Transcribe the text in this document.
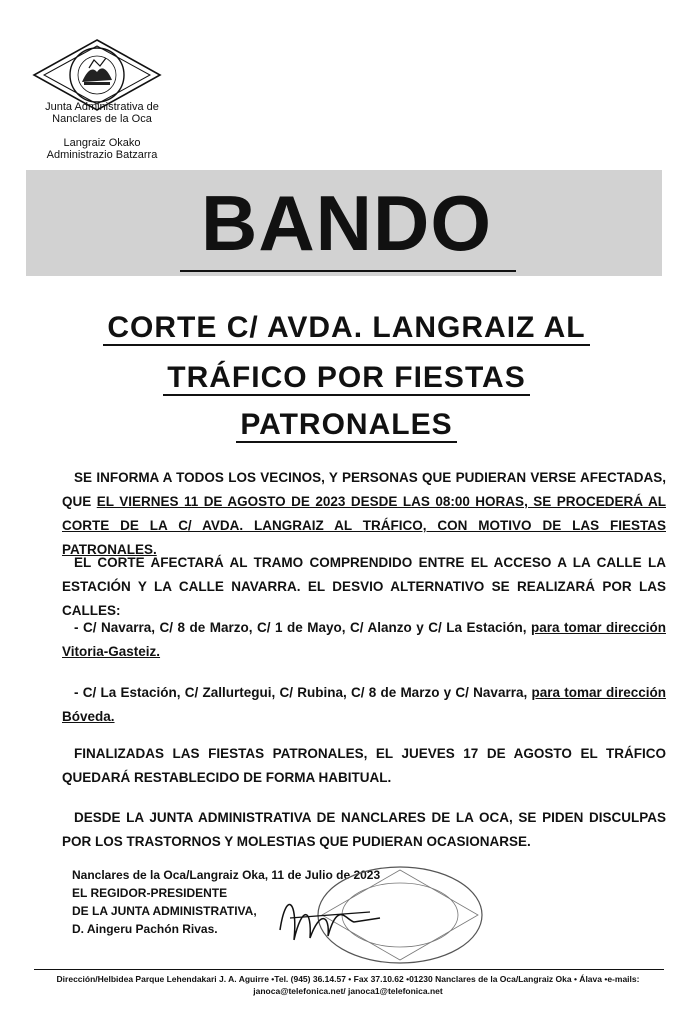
Junta Administrativa de
Nanclares de la Oca
Langraiz Okako
Administrazio Batzarra
BANDO
CORTE C/ AVDA. LANGRAIZ AL
TRÁFICO POR FIESTAS
PATRONALES
SE INFORMA A TODOS LOS VECINOS, Y PERSONAS QUE PUDIERAN VERSE AFECTADAS, QUE EL VIERNES 11 DE AGOSTO DE 2023 DESDE LAS 08:00 HORAS, SE PROCEDERÁ AL CORTE DE LA C/ AVDA. LANGRAIZ AL TRÁFICO, CON MOTIVO DE LAS FIESTAS PATRONALES.
EL CORTE AFECTARÁ AL TRAMO COMPRENDIDO ENTRE EL ACCESO A LA CALLE LA ESTACIÓN Y LA CALLE NAVARRA. EL DESVIO ALTERNATIVO SE REALIZARÁ POR LAS CALLES:
- C/ Navarra, C/ 8 de Marzo, C/ 1 de Mayo, C/ Alanzo y C/ La Estación, para tomar dirección Vitoria-Gasteiz.
- C/ La Estación, C/ Zallurtegui, C/ Rubina, C/ 8 de Marzo y C/ Navarra, para tomar dirección Bóveda.
FINALIZADAS LAS FIESTAS PATRONALES, EL JUEVES 17 DE AGOSTO EL TRÁFICO QUEDARÁ RESTABLECIDO DE FORMA HABITUAL.
DESDE LA JUNTA ADMINISTRATIVA DE NANCLARES DE LA OCA, SE PIDEN DISCULPAS POR LOS TRASTORNOS Y MOLESTIAS QUE PUDIERAN OCASIONARSE.
Nanclares de la Oca/Langraiz Oka, 11 de Julio de 2023
EL REGIDOR-PRESIDENTE
DE LA JUNTA ADMINISTRATIVA,
D. Aingeru Pachón Rivas.
Dirección/Helbidea Parque Lehendakari J. A. Aguirre •Tel. (945) 36.14.57 • Fax 37.10.62 •01230 Nanclares de la Oca/Langraiz Oka • Álava •e-mails:
janoca@telefonica.net/ janoca1@telefonica.net
